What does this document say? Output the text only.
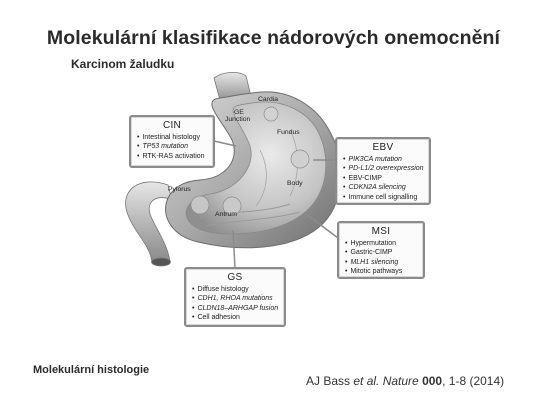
Molekulární klasifikace nádorových onemocnění
Karcinom žaludku
Cardia
GE
Junction
Fundus
Body
Pylorus
Antrum
CIN
• Intestinal histology
• TP53 mutation
• RTK-RAS activation
EBV
• PIK3CA mutation
• PD-L1/2 overexpression
• EBV-CIMP
• CDKN2A silencing
• Immune cell signalling
MSI
• Hypermutation
• Gastric-CIMP
• MLH1 silencing
• Mitotic pathways
GS
• Diffuse histology
• CDH1, RHOA mutations
• CLDN18–ARHGAP fusion
• Cell adhesion
Molekulární histologie
AJ Bass et al. Nature 000, 1-8 (2014)
